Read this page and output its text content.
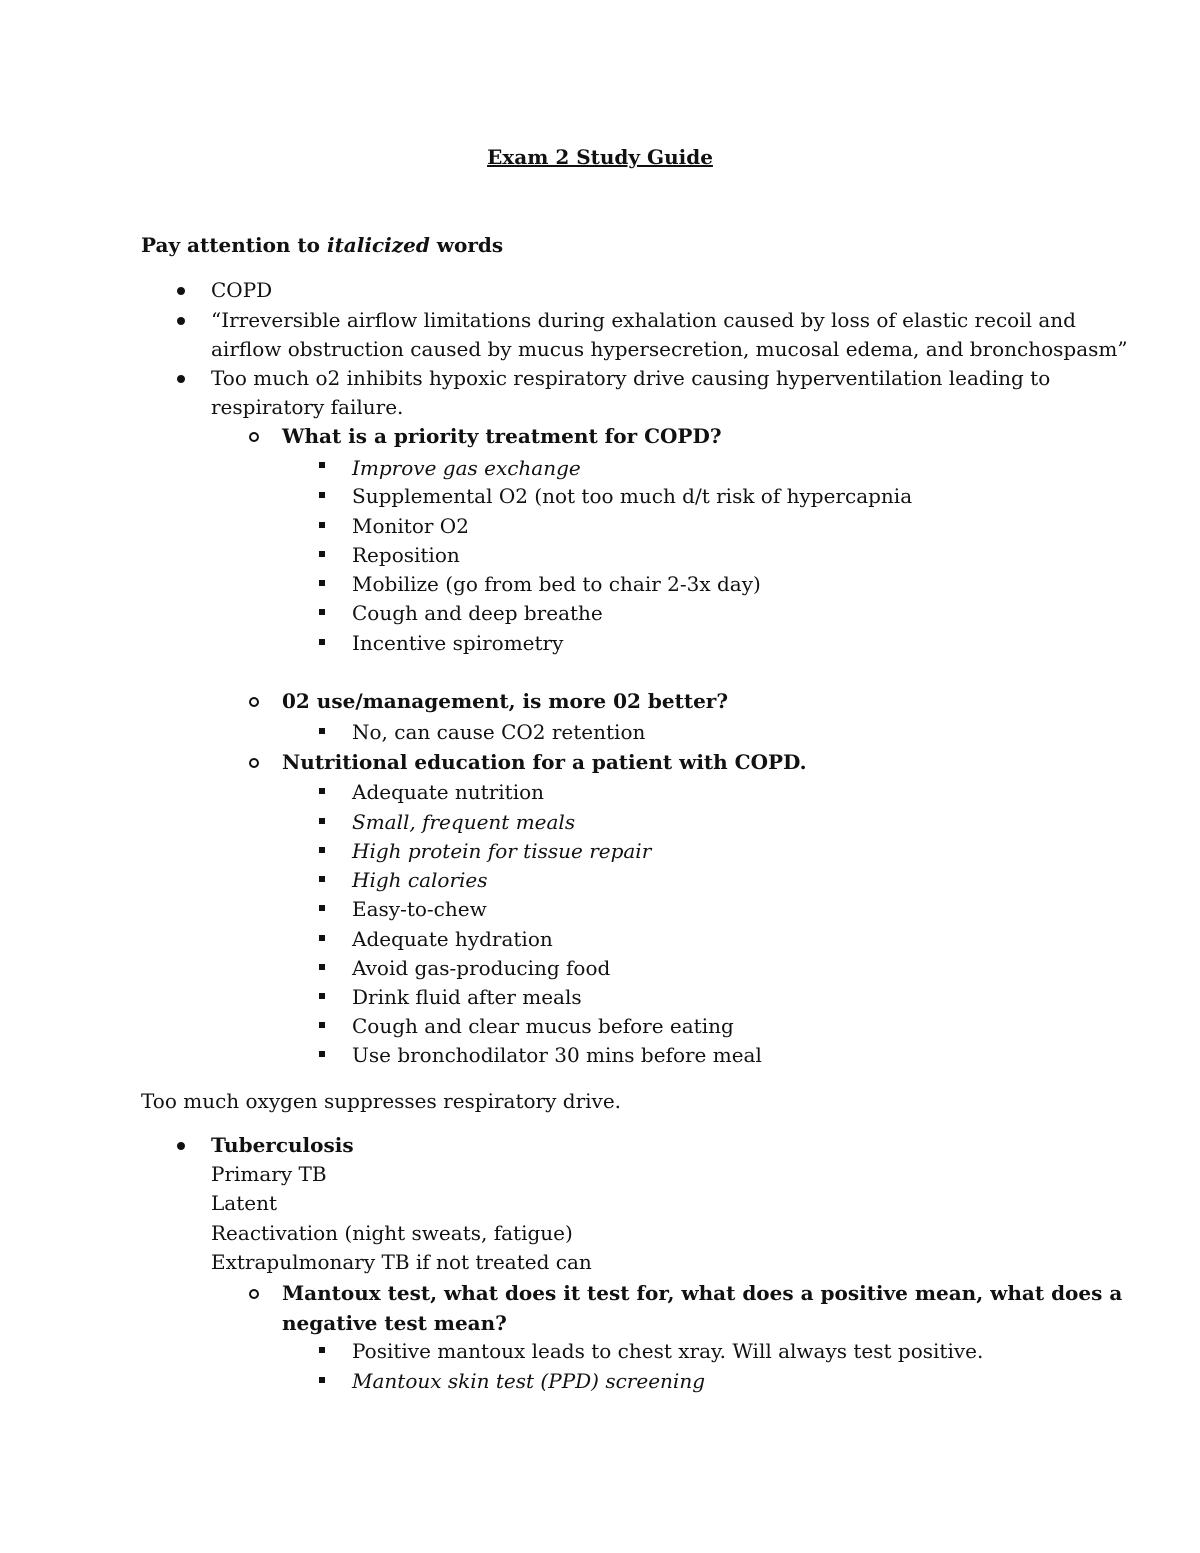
Exam 2 Study Guide
Pay attention to italicized words
COPD
“Irreversible airflow limitations during exhalation caused by loss of elastic recoil and
airflow obstruction caused by mucus hypersecretion, mucosal edema, and bronchospasm”
Too much o2 inhibits hypoxic respiratory drive causing hyperventilation leading to
respiratory failure.
What is a priority treatment for COPD?
Improve gas exchange
Supplemental O2 (not too much d/t risk of hypercapnia
Monitor O2
Reposition
Mobilize (go from bed to chair 2-3x day)
Cough and deep breathe
Incentive spirometry
02 use/management, is more 02 better?
No, can cause CO2 retention
Nutritional education for a patient with COPD.
Adequate nutrition
Small, frequent meals
High protein for tissue repair
High calories
Easy-to-chew
Adequate hydration
Avoid gas-producing food
Drink fluid after meals
Cough and clear mucus before eating
Use bronchodilator 30 mins before meal
Too much oxygen suppresses respiratory drive.
Tuberculosis
Primary TB
Latent
Reactivation (night sweats, fatigue)
Extrapulmonary TB if not treated can
Mantoux test, what does it test for, what does a positive mean, what does a
negative test mean?
Positive mantoux leads to chest xray. Will always test positive.
Mantoux skin test (PPD) screening
